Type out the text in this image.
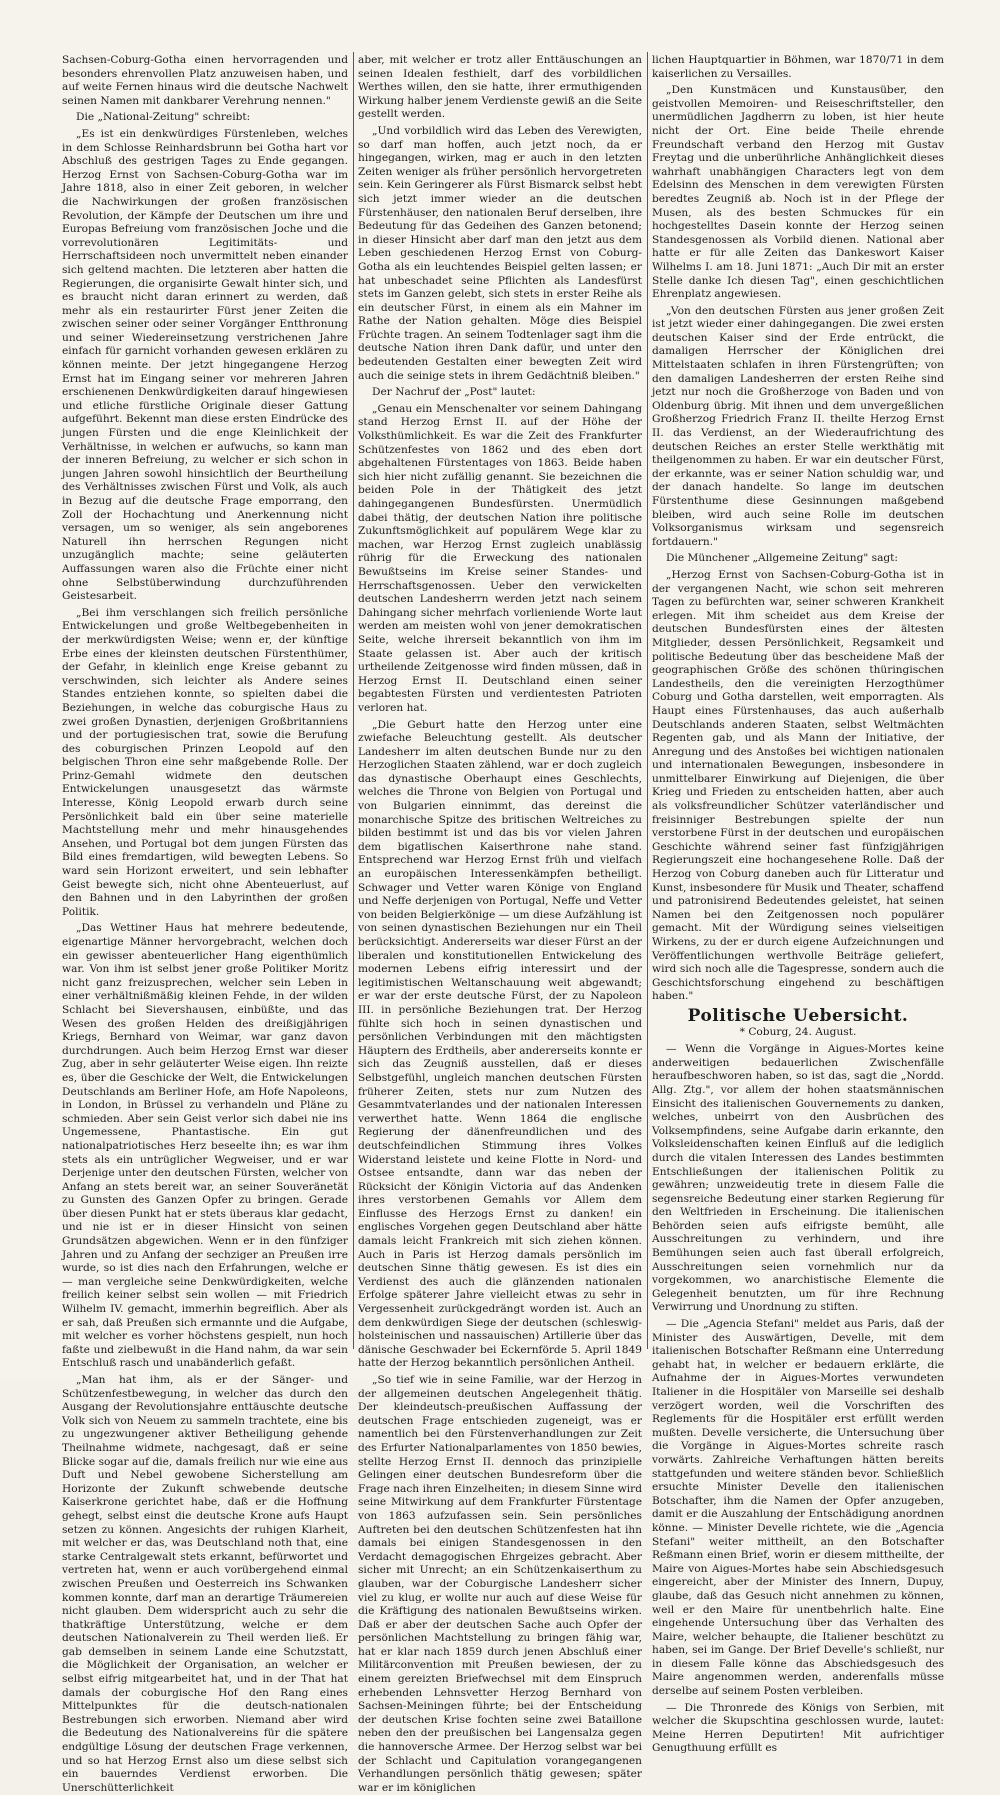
Sachsen-Coburg-Gotha einen hervorragenden und besonders ehrenvollen Platz anzuweisen haben, und auf weite Fernen hinaus wird die deutsche Nachwelt seinen Namen mit dankbarer Verehrung nennen."

Die „National-Zeitung" schreibt:

„Es ist ein denkwürdiges Fürstenleben, welches in dem Schlosse Reinhardsbrunn bei Gotha hart vor Abschluß des gestrigen Tages zu Ende gegangen. Herzog Ernst von Sachsen-Coburg-Gotha war im Jahre 1818, also in einer Zeit geboren, in welcher die Nachwirkungen der großen französischen Revolution, der Kämpfe der Deutschen um ihre und Europas Befreiung vom französischen Joche und die vorrevolutionären Legitimitäts- und Herrschaftsideen noch unvermittelt neben einander sich geltend machten. Die letzteren aber hatten die Regierungen, die organisirte Gewalt hinter sich, und es braucht nicht daran erinnert zu werden, daß mehr als ein restaurirter Fürst jener Zeiten die zwischen seiner oder seiner Vorgänger Entthronung und seiner Wiedereinsetzung verstrichenen Jahre einfach für garnicht vorhanden gewesen erklären zu können meinte. Der jetzt hingegangene Herzog Ernst hat im Eingang seiner vor mehreren Jahren erschienenen Denkwürdigkeiten darauf hingewiesen und etliche fürstliche Originale dieser Gattung aufgeführt. Bekennt man diese ersten Eindrücke des jungen Fürsten und die enge Kleinlichkeit der Verhältnisse, in welchen er aufwuchs, so kann man der inneren Befreiung, zu welcher er sich schon in jungen Jahren sowohl hinsichtlich der Beurtheilung des Verhältnisses zwischen Fürst und Volk, als auch in Bezug auf die deutsche Frage emporrang, den Zoll der Hochachtung und Anerkennung nicht versagen, um so weniger, als sein angeborenes Naturell ihn herrschen Regungen nicht unzugänglich machte; seine geläuterten Auffassungen waren also die Früchte einer nicht ohne Selbstüberwindung durchzuführenden Geistesarbeit.

„Bei ihm verschlangen sich freilich persönliche Entwickelungen und große Weltbegebenheiten in der merkwürdigsten Weise; wenn er, der künftige Erbe eines der kleinsten deutschen Fürstenthümer, der Gefahr, in kleinlich enge Kreise gebannt zu verschwinden, sich leichter als Andere seines Standes entziehen konnte, so spielten dabei die Beziehungen, in welche das coburgische Haus zu zwei großen Dynastien, derjenigen Großbritanniens und der portugiesischen trat, sowie die Berufung des coburgischen Prinzen Leopold auf den belgischen Thron eine sehr maßgebende Rolle. Der Prinz-Gemahl widmete den deutschen Entwickelungen unausgesetzt das wärmste Interesse, König Leopold erwarb durch seine Persönlichkeit bald ein über seine materielle Machtstellung mehr und mehr hinausgehendes Ansehen, und Portugal bot dem jungen Fürsten das Bild eines fremdartigen, wild bewegten Lebens. So ward sein Horizont erweitert, und sein lebhafter Geist bewegte sich, nicht ohne Abenteuerlust, auf den Bahnen und in den Labyrinthen der großen Politik.

„Das Wettiner Haus hat mehrere bedeutende, eigenartige Männer hervorgebracht, welchen doch ein gewisser abenteuerlicher Hang eigenthümlich war. Von ihm ist selbst jener große Politiker Moritz nicht ganz freizusprechen, welcher sein Leben in einer verhältnißmäßig kleinen Fehde, in der wilden Schlacht bei Sievershausen, einbüßte, und das Wesen des großen Helden des dreißigjährigen Kriegs, Bernhard von Weimar, war ganz davon durchdrungen. Auch beim Herzog Ernst war dieser Zug, aber in sehr geläuterter Weise eigen. Ihn reizte es, über die Geschicke der Welt, die Entwickelungen Deutschlands am Berliner Hofe, am Hofe Napoleons, in London, in Brüssel zu verhandeln und Pläne zu schmieden. Aber sein Geist verlor sich dabei nie ins Ungemessene, Phantastische. Ein gut nationalpatriotisches Herz beseelte ihn; es war ihm stets als ein untrüglicher Wegweiser, und er war Derjenige unter den deutschen Fürsten, welcher von Anfang an stets bereit war, an seiner Souveränetät zu Gunsten des Ganzen Opfer zu bringen. Gerade über diesen Punkt hat er stets überaus klar gedacht, und nie ist er in dieser Hinsicht von seinen Grundsätzen abgewichen. Wenn er in den fünfziger Jahren und zu Anfang der sechziger an Preußen irre wurde, so ist dies nach den Erfahrungen, welche er — man vergleiche seine Denkwürdigkeiten, welche freilich keiner selbst sein wollen — mit Friedrich Wilhelm IV. gemacht, immerhin begreiflich. Aber als er sah, daß Preußen sich ermannte und die Aufgabe, mit welcher es vorher höchstens gespielt, nun hoch faßte und zielbewußt in die Hand nahm, da war sein Entschluß rasch und unabänderlich gefaßt.

„Man hat ihm, als er der Sänger- und Schützenfestbewegung, in welcher das durch den Ausgang der Revolutionsjahre enttäuschte deutsche Volk sich von Neuem zu sammeln trachtete, eine bis zu ungezwungener aktiver Betheiligung gehende Theilnahme widmete, nachgesagt, daß er seine Blicke sogar auf die, damals freilich nur wie eine aus Duft und Nebel gewobene Sicherstellung am Horizonte der Zukunft schwebende deutsche Kaiserkrone gerichtet habe, daß er die Hoffnung gehegt, selbst einst die deutsche Krone aufs Haupt setzen zu können. Angesichts der ruhigen Klarheit, mit welcher er das, was Deutschland noth that, eine starke Centralgewalt stets erkannt, befürwortet und vertreten hat, wenn er auch vorübergehend einmal zwischen Preußen und Oesterreich ins Schwanken kommen konnte, darf man an derartige Träumereien nicht glauben. Dem widerspricht auch zu sehr die thatkräftige Unterstützung, welche er dem deutschen Nationalverein zu Theil werden ließ. Er gab demselben in seinem Lande eine Schutzstatt, die Möglichkeit der Organisation, an welcher er selbst eifrig mitgearbeitet hat, und in der That hat damals der coburgische Hof den Rang eines Mittelpunktes für die deutsch-nationalen Bestrebungen sich erworben. Niemand aber wird die Bedeutung des Nationalvereins für die spätere endgültige Lösung der deutschen Frage verkennen, und so hat Herzog Ernst also um diese selbst sich ein bauerndes Verdienst erworben. Die Unerschütterlichkeit

aber, mit welcher er trotz aller Enttäuschungen an seinen Idealen festhielt, darf des vorbildlichen Werthes willen, den sie hatte, ihrer ermuthigenden Wirkung halber jenem Verdienste gewiß an die Seite gestellt werden.

„Und vorbildlich wird das Leben des Verewigten, so darf man hoffen, auch jetzt noch, da er hingegangen, wirken, mag er auch in den letzten Zeiten weniger als früher persönlich hervorgetreten sein. Kein Geringerer als Fürst Bismarck selbst hebt sich jetzt immer wieder an die deutschen Fürstenhäuser, den nationalen Beruf derselben, ihre Bedeutung für das Gedeihen des Ganzen betonend; in dieser Hinsicht aber darf man den jetzt aus dem Leben geschiedenen Herzog Ernst von Coburg-Gotha als ein leuchtendes Beispiel gelten lassen; er hat unbeschadet seine Pflichten als Landesfürst stets im Ganzen gelebt, sich stets in erster Reihe als ein deutscher Fürst, in einem als ein Mahner im Rathe der Nation gehalten. Möge dies Beispiel Früchte tragen. An seinem Todtenlager sagt ihm die deutsche Nation ihren Dank dafür, und unter den bedeutenden Gestalten einer bewegten Zeit wird auch die seinige stets in ihrem Gedächtniß bleiben."

Der Nachruf der „Post" lautet:

„Genau ein Menschenalter vor seinem Dahingang stand Herzog Ernst II. auf der Höhe der Volksthümlichkeit. Es war die Zeit des Frankfurter Schützenfestes von 1862 und des eben dort abgehaltenen Fürstentages von 1863. Beide haben sich hier nicht zufällig genannt. Sie bezeichnen die beiden Pole in der Thätigkeit des jetzt dahingegangenen Bundesfürsten. Unermüdlich dabei thätig, der deutschen Nation ihre politische Zukunftsmöglichkeit auf populärem Wege klar zu machen, war Herzog Ernst zugleich unablässig rührig für die Erweckung des nationalen Bewußtseins im Kreise seiner Standes- und Herrschaftsgenossen. Ueber den verwickelten deutschen Landesherrn werden jetzt nach seinem Dahingang sicher mehrfach vorlieniende Worte laut werden am meisten wohl von jener demokratischen Seite, welche ihrerseit bekanntlich von ihm im Staate gelassen ist. Aber auch der kritisch urtheilende Zeitgenosse wird finden müssen, daß in Herzog Ernst II. Deutschland einen seiner begabtesten Fürsten und verdientesten Patrioten verloren hat.

„Die Geburt hatte den Herzog unter eine zwiefache Beleuchtung gestellt. Als deutscher Landesherr im alten deutschen Bunde nur zu den Herzoglichen Staaten zählend, war er doch zugleich das dynastische Oberhaupt eines Geschlechts, welches die Throne von Belgien von Portugal und von Bulgarien einnimmt, das dereinst die monarchische Spitze des britischen Weltreiches zu bilden bestimmt ist und das bis vor vielen Jahren dem bigatlischen Kaiserthrone nahe stand. Entsprechend war Herzog Ernst früh und vielfach an europäischen Interessenkämpfen betheiligt. Schwager und Vetter waren Könige von England und Neffe derjenigen von Portugal, Neffe und Vetter von beiden Belgierkönige — um diese Aufzählung ist von seinen dynastischen Beziehungen nur ein Theil berücksichtigt. Andererseits war dieser Fürst an der liberalen und konstitutionellen Entwickelung des modernen Lebens eifrig interessirt und der legitimistischen Weltanschauung weit abgewandt; er war der erste deutsche Fürst, der zu Napoleon III. in persönliche Beziehungen trat. Der Herzog fühlte sich hoch in seinen dynastischen und persönlichen Verbindungen mit den mächtigsten Häuptern des Erdtheils, aber andererseits konnte er sich das Zeugniß ausstellen, daß er dieses Selbstgefühl, ungleich manchen deutschen Fürsten früherer Zeiten, stets nur zum Nutzen des Gesammtvaterlandes und der nationalen Interessen verwerthet hatte. Wenn 1864 die englische Regierung der dänenfreundlichen und des deutschfeindlichen Stimmung ihres Volkes Widerstand leistete und keine Flotte in Nord- und Ostsee entsandte, dann war das neben der Rücksicht der Königin Victoria auf das Andenken ihres verstorbenen Gemahls vor Allem dem Einflusse des Herzogs Ernst zu danken! ein englisches Vorgehen gegen Deutschland aber hätte damals leicht Frankreich mit sich ziehen können. Auch in Paris ist Herzog damals persönlich im deutschen Sinne thätig gewesen. Es ist dies ein Verdienst des auch die glänzenden nationalen Erfolge späterer Jahre vielleicht etwas zu sehr in Vergessenheit zurückgedrängt worden ist. Auch an dem denkwürdigen Siege der deutschen (schleswig-holsteinischen und nassauischen) Artillerie über das dänische Geschwader bei Eckernförde 5. April 1849 hatte der Herzog bekanntlich persönlichen Antheil.

„So tief wie in seine Familie, war der Herzog in der allgemeinen deutschen Angelegenheit thätig. Der kleindeutsch-preußischen Auffassung der deutschen Frage entschieden zugeneigt, was er namentlich bei den Fürstenverhandlungen zur Zeit des Erfurter Nationalparlamentes von 1850 bewies, stellte Herzog Ernst II. dennoch das prinzipielle Gelingen einer deutschen Bundesreform über die Frage nach ihren Einzelheiten; in diesem Sinne wird seine Mitwirkung auf dem Frankfurter Fürstentage von 1863 aufzufassen sein. Sein persönliches Auftreten bei den deutschen Schützenfesten hat ihn damals bei einigen Standesgenossen in den Verdacht demagogischen Ehrgeizes gebracht. Aber sicher mit Unrecht; an ein Schützenkaiserthum zu glauben, war der Coburgische Landesherr sicher viel zu klug, er wollte nur auch auf diese Weise für die Kräftigung des nationalen Bewußtseins wirken. Daß er aber der deutschen Sache auch Opfer der persönlichen Machtstellung zu bringen fähig war, hat er klar nach 1859 durch jenen Abschluß einer Militärconvention mit Preußen bewiesen, der zu einem gereizten Briefwechsel mit dem Einspruch erhebenden Lehnsvetter Herzog Bernhard von Sachsen-Meiningen führte; bei der Entscheidung der deutschen Krise fochten seine zwei Bataillone neben den der preußischen bei Langensalza gegen die hannoversche Armee. Der Herzog selbst war bei der Schlacht und Capitulation vorangegangenen Verhandlungen persönlich thätig gewesen; später war er im königlichen

lichen Hauptquartier in Böhmen, war 1870/71 in dem kaiserlichen zu Versailles.

„Den Kunstmäcen und Kunstausüber, den geistvollen Memoiren- und Reiseschriftsteller, den unermüdlichen Jagdherrn zu loben, ist hier heute nicht der Ort. Eine beide Theile ehrende Freundschaft verband den Herzog mit Gustav Freytag und die unberührliche Anhänglichkeit dieses wahrhaft unabhängigen Characters legt von dem Edelsinn des Menschen in dem verewigten Fürsten beredtes Zeugniß ab. Noch ist in der Pflege der Musen, als des besten Schmuckes für ein hochgestelltes Dasein konnte der Herzog seinen Standesgenossen als Vorbild dienen. National aber hatte er für alle Zeiten das Dankeswort Kaiser Wilhelms I. am 18. Juni 1871: „Auch Dir mit an erster Stelle danke Ich diesen Tag", einen geschichtlichen Ehrenplatz angewiesen.

„Von den deutschen Fürsten aus jener großen Zeit ist jetzt wieder einer dahingegangen. Die zwei ersten deutschen Kaiser sind der Erde entrückt, die damaligen Herrscher der Königlichen drei Mittelstaaten schlafen in ihren Fürstengrüften; von den damaligen Landesherren der ersten Reihe sind jetzt nur noch die Großherzoge von Baden und von Oldenburg übrig. Mit ihnen und dem unvergeßlichen Großherzog Friedrich Franz II. theilte Herzog Ernst II. das Verdienst, an der Wiederaufrichtung des deutschen Reiches an erster Stelle werkthätig mit theilgenommen zu haben. Er war ein deutscher Fürst, der erkannte, was er seiner Nation schuldig war, und der danach handelte. So lange im deutschen Fürstenthume diese Gesinnungen maßgebend bleiben, wird auch seine Rolle im deutschen Volksorganismus wirksam und segensreich fortdauern."

Die Münchener „Allgemeine Zeitung" sagt:

„Herzog Ernst von Sachsen-Coburg-Gotha ist in der vergangenen Nacht, wie schon seit mehreren Tagen zu befürchten war, seiner schweren Krankheit erlegen. Mit ihm scheidet aus dem Kreise der deutschen Bundesfürsten eines der ältesten Mitglieder, dessen Persönlichkeit, Regsamkeit und politische Bedeutung über das bescheidene Maß der geographischen Größe des schönen thüringischen Landestheils, den die vereinigten Herzogthümer Coburg und Gotha darstellen, weit emporragten. Als Haupt eines Fürstenhauses, das auch außerhalb Deutschlands anderen Staaten, selbst Weltmächten Regenten gab, und als Mann der Initiative, der Anregung und des Anstoßes bei wichtigen nationalen und internationalen Bewegungen, insbesondere in unmittelbarer Einwirkung auf Diejenigen, die über Krieg und Frieden zu entscheiden hatten, aber auch als volksfreundlicher Schützer vaterländischer und freisinniger Bestrebungen spielte der nun verstorbene Fürst in der deutschen und europäischen Geschichte während seiner fast fünfzigjährigen Regierungszeit eine hochangesehene Rolle. Daß der Herzog von Coburg daneben auch für Litteratur und Kunst, insbesondere für Musik und Theater, schaffend und patronisirend Bedeutendes geleistet, hat seinen Namen bei den Zeitgenossen noch populärer gemacht. Mit der Würdigung seines vielseitigen Wirkens, zu der er durch eigene Aufzeichnungen und Veröffentlichungen werthvolle Beiträge geliefert, wird sich noch alle die Tagespresse, sondern auch die Geschichtsforschung eingehend zu beschäftigen haben."

Politische Uebersicht.

* Coburg, 24. August.

— Wenn die Vorgänge in Aigues-Mortes keine anderweitigen bedauerlichen Zwischenfälle heraufbeschworen haben, so ist das, sagt die „Nordd. Allg. Ztg.", vor allem der hohen staatsmännischen Einsicht des italienischen Gouvernements zu danken, welches, unbeirrt von den Ausbrüchen des Volksempfindens, seine Aufgabe darin erkannte, den Volksleidenschaften keinen Einfluß auf die lediglich durch die vitalen Interessen des Landes bestimmten Entschließungen der italienischen Politik zu gewähren; unzweideutig trete in diesem Falle die segensreiche Bedeutung einer starken Regierung für den Weltfrieden in Erscheinung. Die italienischen Behörden seien aufs eifrigste bemüht, alle Ausschreitungen zu verhindern, und ihre Bemühungen seien auch fast überall erfolgreich, Ausschreitungen seien vornehmlich nur da vorgekommen, wo anarchistische Elemente die Gelegenheit benutzten, um für ihre Rechnung Verwirrung und Unordnung zu stiften.

— Die „Agencia Stefani" meldet aus Paris, daß der Minister des Auswärtigen, Develle, mit dem italienischen Botschafter Reßmann eine Unterredung gehabt hat, in welcher er bedauern erklärte, die Aufnahme der in Aigues-Mortes verwundeten Italiener in die Hospitäler von Marseille sei deshalb verzögert worden, weil die Vorschriften des Reglements für die Hospitäler erst erfüllt werden mußten. Develle versicherte, die Untersuchung über die Vorgänge in Aigues-Mortes schreite rasch vorwärts. Zahlreiche Verhaftungen hätten bereits stattgefunden und weitere ständen bevor. Schließlich ersuchte Minister Develle den italienischen Botschafter, ihm die Namen der Opfer anzugeben, damit er die Auszahlung der Entschädigung anordnen könne. — Minister Develle richtete, wie die „Agencia Stefani" weiter mittheilt, an den Botschafter Reßmann einen Brief, worin er diesem mittheilte, der Maire von Aigues-Mortes habe sein Abschiedsgesuch eingereicht, aber der Minister des Innern, Dupuy, glaube, daß das Gesuch nicht annehmen zu können, weil er den Maire für unentbehrlich halte. Eine eingehende Untersuchung über das Verhalten des Maire, welcher behaupte, die Italiener beschützt zu haben, sei im Gange. Der Brief Develle's schließt, nur in diesem Falle könne das Abschiedsgesuch des Maire angenommen werden, anderenfalls müsse derselbe auf seinem Posten verbleiben.

— Die Thronrede des Königs von Serbien, mit welcher die Skupschtina geschlossen wurde, lautet: Meine Herren Deputirten! Mit aufrichtiger Genugthuung erfüllt es
